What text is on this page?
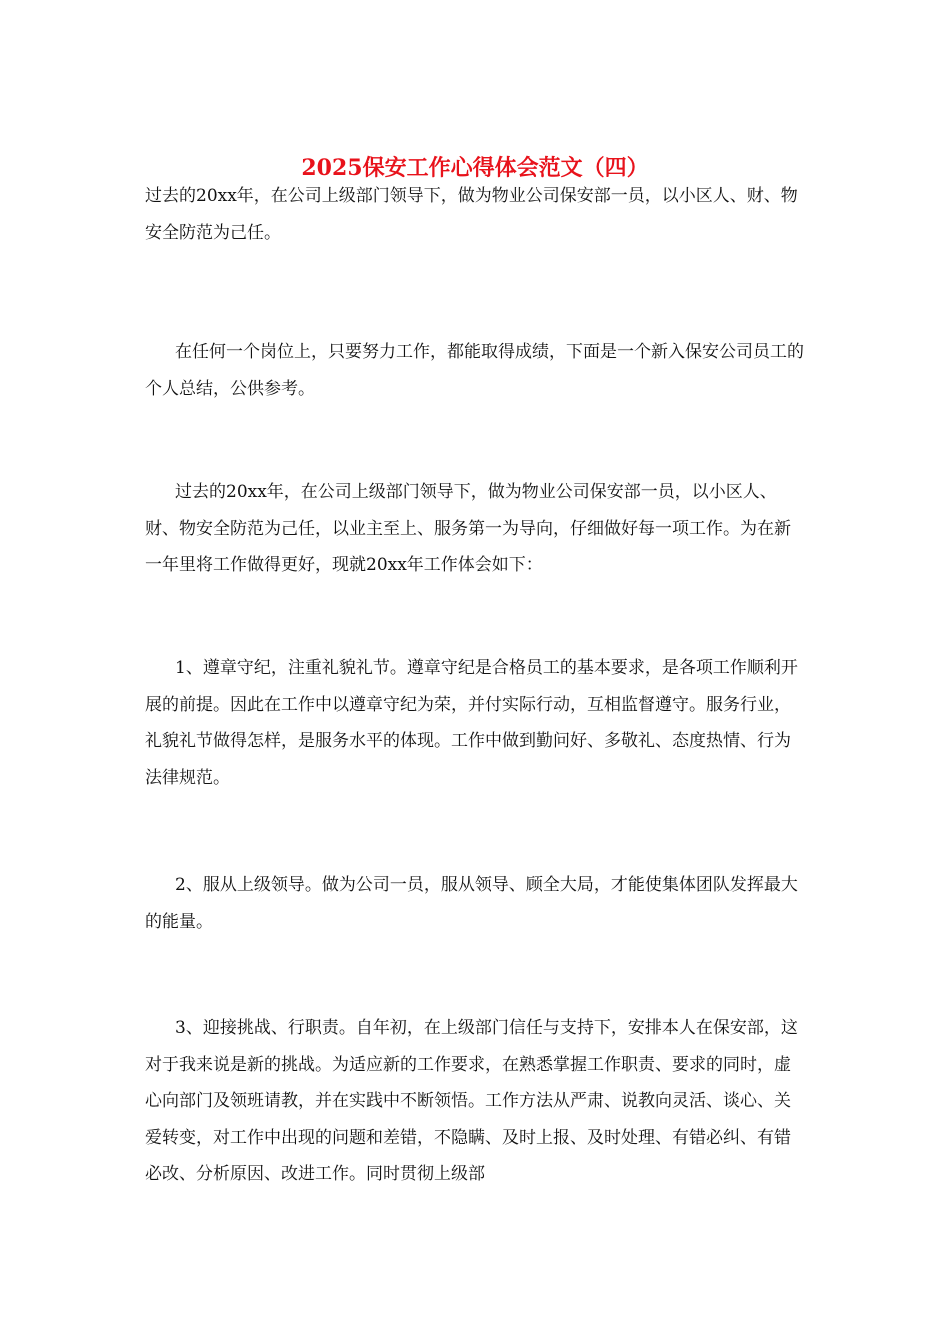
2025保安工作心得体会范文（四）

过去的20xx年，在公司上级部门领导下，做为物业公司保安部一员，以小区人、财、物安全防范为己任。

在任何一个岗位上，只要努力工作，都能取得成绩，下面是一个新入保安公司员工的个人总结，公供参考。

过去的20xx年，在公司上级部门领导下，做为物业公司保安部一员，以小区人、财、物安全防范为己任，以业主至上、服务第一为导向，仔细做好每一项工作。为在新一年里将工作做得更好，现就20xx年工作体会如下：

1、遵章守纪，注重礼貌礼节。遵章守纪是合格员工的基本要求，是各项工作顺利开展的前提。因此在工作中以遵章守纪为荣，并付实际行动，互相监督遵守。服务行业，礼貌礼节做得怎样，是服务水平的体现。工作中做到勤问好、多敬礼、态度热情、行为法律规范。

2、服从上级领导。做为公司一员，服从领导、顾全大局，才能使集体团队发挥最大的能量。

3、迎接挑战、行职责。自年初，在上级部门信任与支持下，安排本人在保安部，这对于我来说是新的挑战。为适应新的工作要求，在熟悉掌握工作职责、要求的同时，虚心向部门及领班请教，并在实践中不断领悟。工作方法从严肃、说教向灵活、谈心、关爱转变，对工作中出现的问题和差错，不隐瞒、及时上报、及时处理、有错必纠、有错必改、分析原因、改进工作。同时贯彻上级部
